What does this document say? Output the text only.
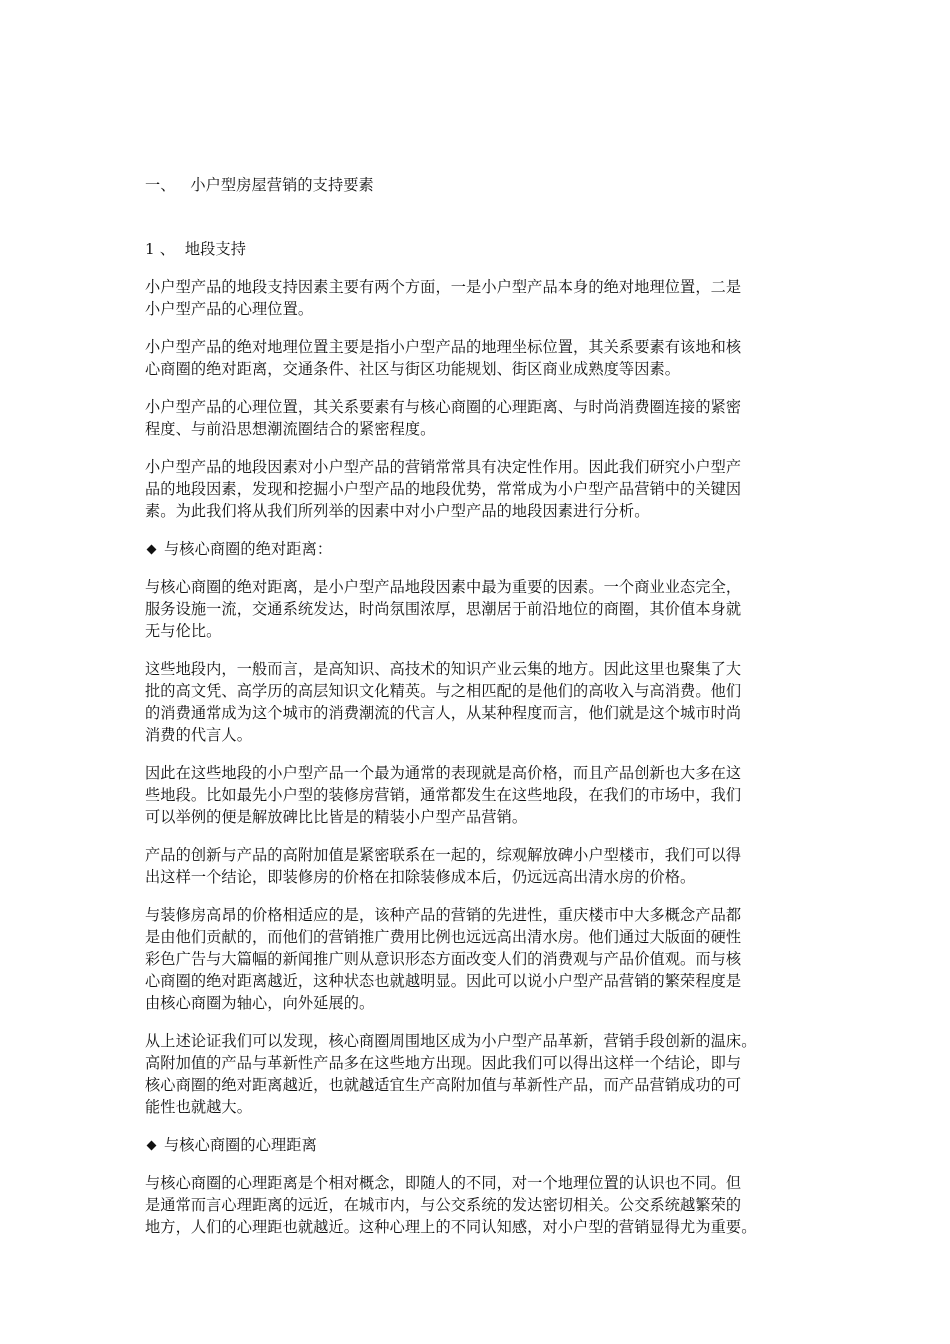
一、   小户型房屋营销的支持要素
1 、  地段支持
小户型产品的地段支持因素主要有两个方面，一是小户型产品本身的绝对地理位置，二是
小户型产品的心理位置。
小户型产品的绝对地理位置主要是指小户型产品的地理坐标位置，其关系要素有该地和核
心商圈的绝对距离，交通条件、社区与街区功能规划、街区商业成熟度等因素。
小户型产品的心理位置，其关系要素有与核心商圈的心理距离、与时尚消费圈连接的紧密
程度、与前沿思想潮流圈结合的紧密程度。
小户型产品的地段因素对小户型产品的营销常常具有决定性作用。因此我们研究小户型产
品的地段因素，发现和挖掘小户型产品的地段优势，常常成为小户型产品营销中的关键因
素。为此我们将从我们所列举的因素中对小户型产品的地段因素进行分析。
与核心商圈的绝对距离：
与核心商圈的绝对距离，是小户型产品地段因素中最为重要的因素。一个商业业态完全，
服务设施一流，交通系统发达，时尚氛围浓厚，思潮居于前沿地位的商圈，其价值本身就
无与伦比。
这些地段内，一般而言，是高知识、高技术的知识产业云集的地方。因此这里也聚集了大
批的高文凭、高学历的高层知识文化精英。与之相匹配的是他们的高收入与高消费。他们
的消费通常成为这个城市的消费潮流的代言人，从某种程度而言，他们就是这个城市时尚
消费的代言人。
因此在这些地段的小户型产品一个最为通常的表现就是高价格，而且产品创新也大多在这
些地段。比如最先小户型的装修房营销，通常都发生在这些地段，在我们的市场中，我们
可以举例的便是解放碑比比皆是的精装小户型产品营销。
产品的创新与产品的高附加值是紧密联系在一起的，综观解放碑小户型楼市，我们可以得
出这样一个结论，即装修房的价格在扣除装修成本后，仍远远高出清水房的价格。
与装修房高昂的价格相适应的是，该种产品的营销的先进性，重庆楼市中大多概念产品都
是由他们贡献的，而他们的营销推广费用比例也远远高出清水房。他们通过大版面的硬性
彩色广告与大篇幅的新闻推广则从意识形态方面改变人们的消费观与产品价值观。而与核
心商圈的绝对距离越近，这种状态也就越明显。因此可以说小户型产品营销的繁荣程度是
由核心商圈为轴心，向外延展的。
从上述论证我们可以发现，核心商圈周围地区成为小户型产品革新，营销手段创新的温床。
高附加值的产品与革新性产品多在这些地方出现。因此我们可以得出这样一个结论，即与
核心商圈的绝对距离越近，也就越适宜生产高附加值与革新性产品，而产品营销成功的可
能性也就越大。
与核心商圈的心理距离
与核心商圈的心理距离是个相对概念，即随人的不同，对一个地理位置的认识也不同。但
是通常而言心理距离的远近，在城市内，与公交系统的发达密切相关。公交系统越繁荣的
地方，人们的心理距也就越近。这种心理上的不同认知感，对小户型的营销显得尤为重要。
